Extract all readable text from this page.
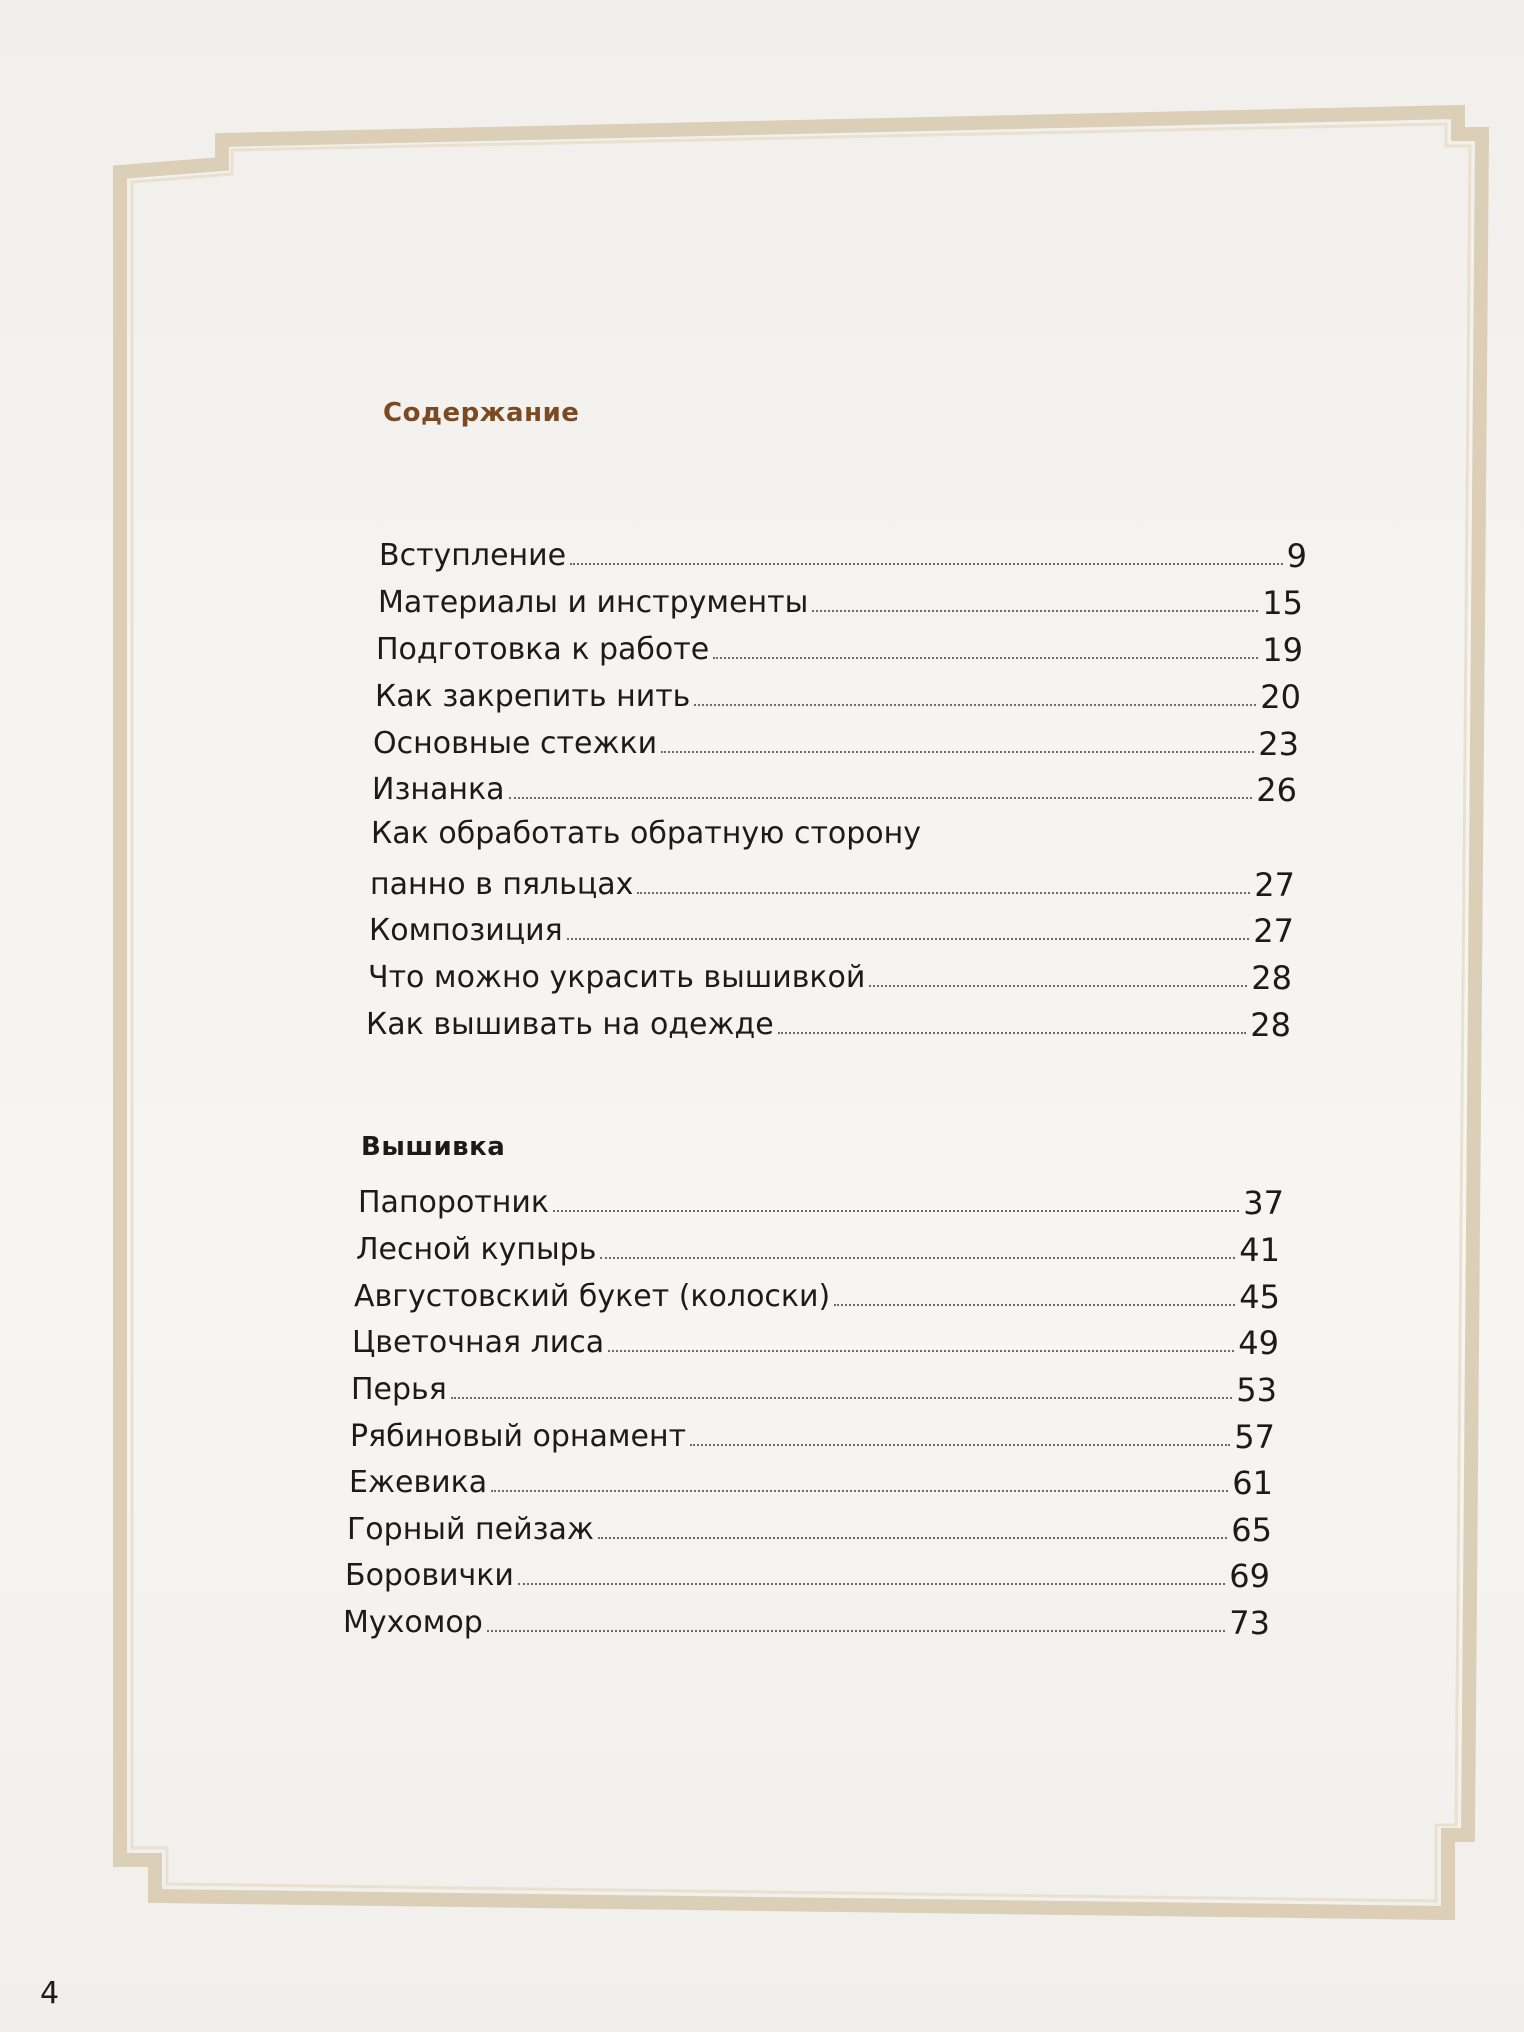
Содержание
Вступление	9
Материалы и инструменты	15
Подготовка к работе	19
Как закрепить нить	20
Основные стежки	23
Изнанка	26
Как обработать обратную сторону
панно в пяльцах	27
Композиция	27
Что можно украсить вышивкой	28
Как вышивать на одежде	28
Вышивка
Папоротник	37
Лесной купырь	41
Августовский букет (колоски)	45
Цветочная лиса	49
Перья	53
Рябиновый орнамент	57
Ежевика	61
Горный пейзаж	65
Боровички	69
Мухомор	73
4
